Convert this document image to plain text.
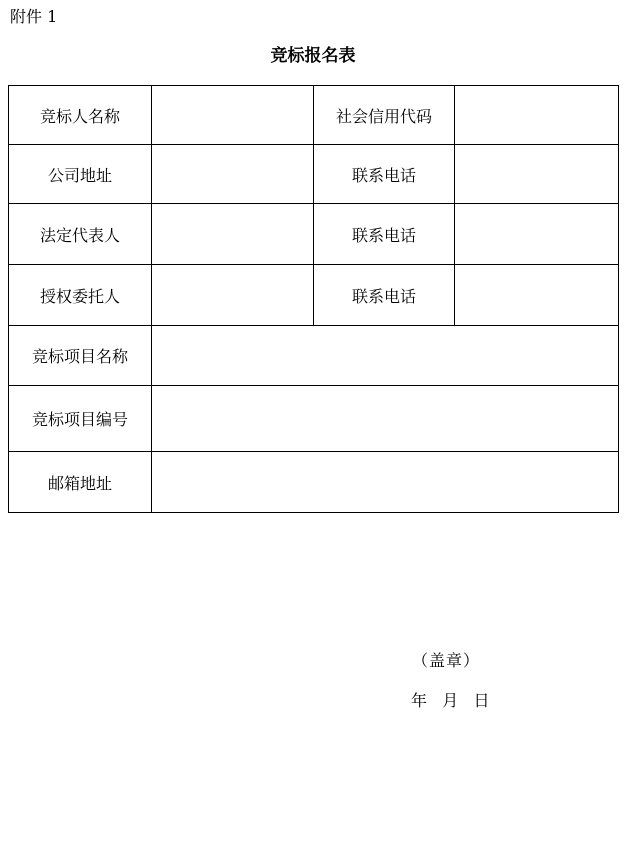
附件 1
竞标报名表
竞标人名称		社会信用代码	
公司地址		联系电话	
法定代表人		联系电话	
授权委托人		联系电话	
竞标项目名称			
竞标项目编号			
邮箱地址			
（盖章）
年   月   日
